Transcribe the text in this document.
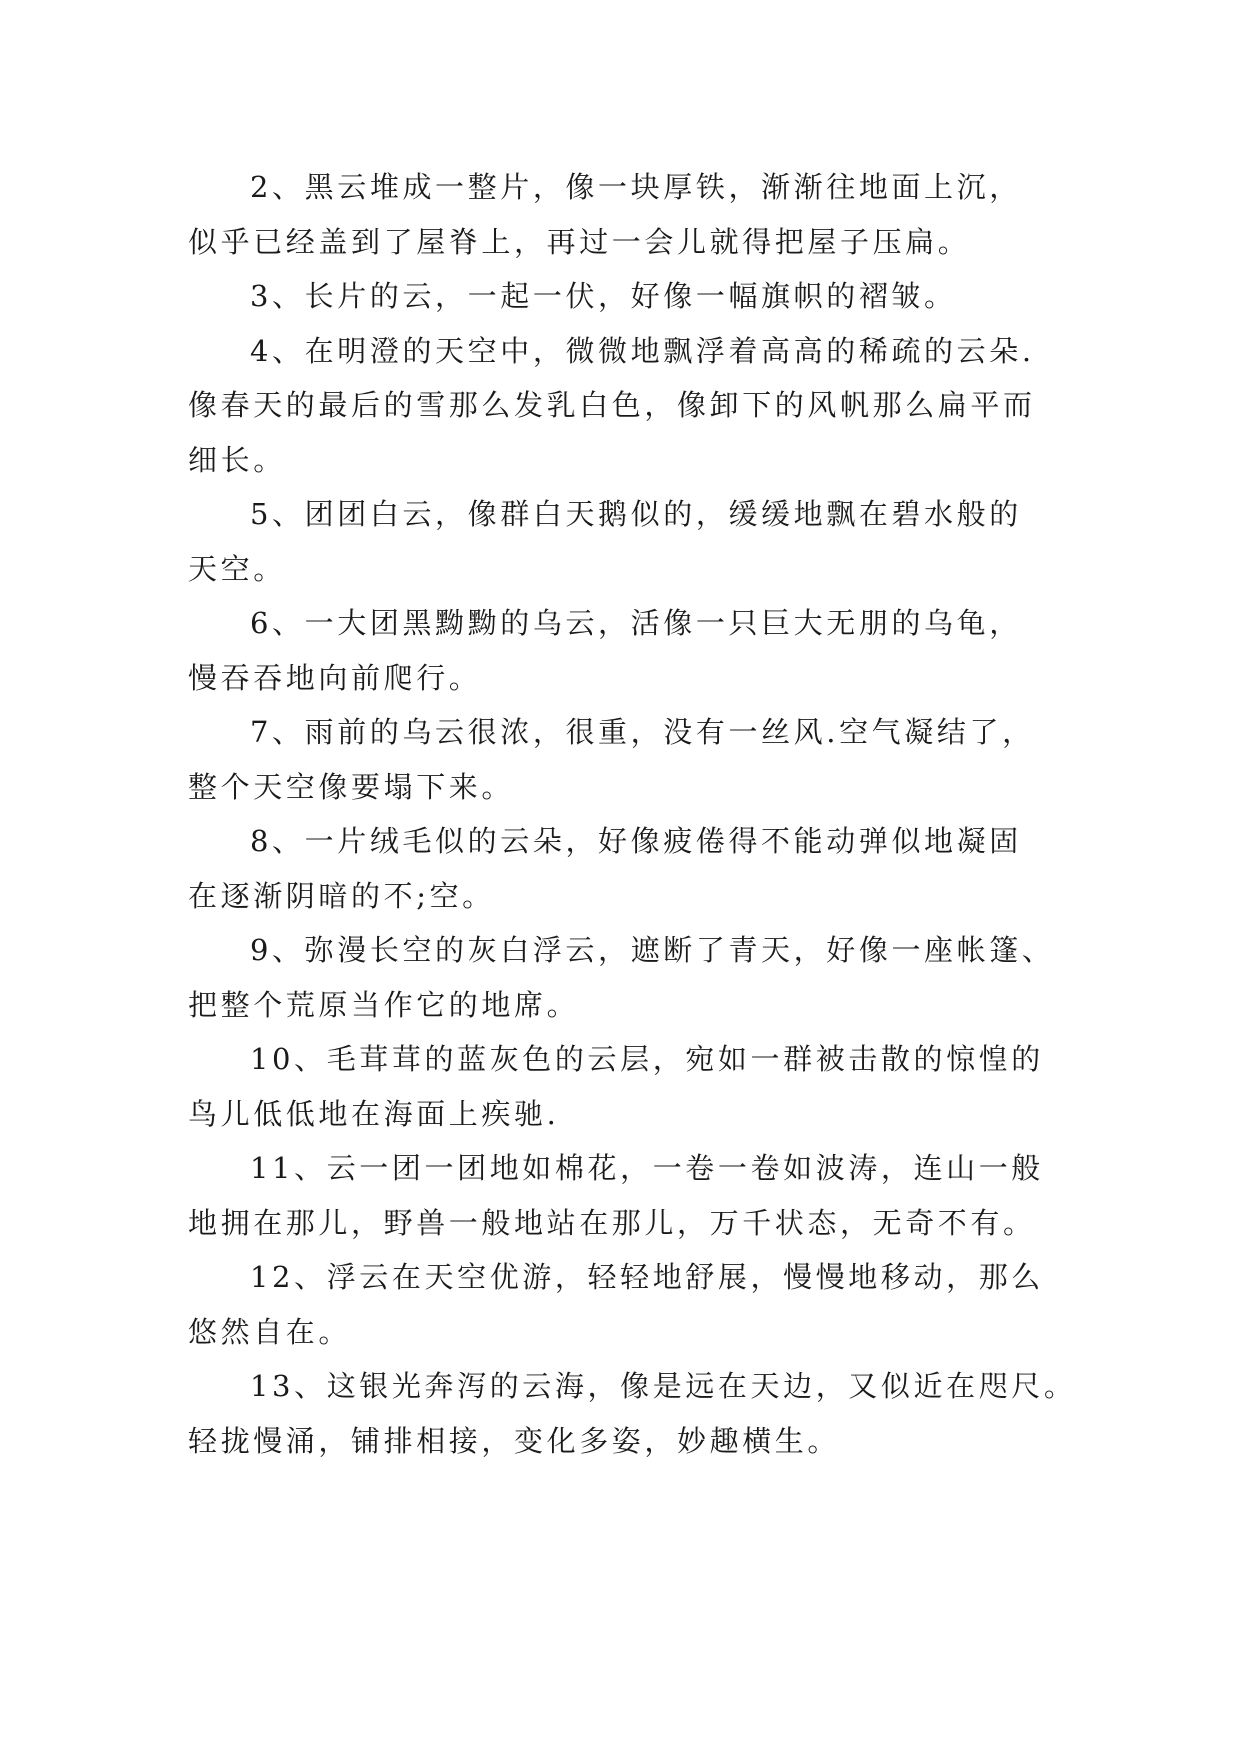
2、黑云堆成一整片，像一块厚铁，渐渐往地面上沉，
似乎已经盖到了屋脊上，再过一会儿就得把屋子压扁。
3、长片的云，一起一伏，好像一幅旗帜的褶皱。
4、在明澄的天空中，微微地飘浮着高高的稀疏的云朵.
像春天的最后的雪那么发乳白色，像卸下的风帆那么扁平而
细长。
5、团团白云，像群白天鹅似的，缓缓地飘在碧水般的
天空。
6、一大团黑黝黝的乌云，活像一只巨大无朋的乌龟，
慢吞吞地向前爬行。
7、雨前的乌云很浓，很重，没有一丝风.空气凝结了，
整个天空像要塌下来。
8、一片绒毛似的云朵，好像疲倦得不能动弹似地凝固
在逐渐阴暗的不;空。
9、弥漫长空的灰白浮云，遮断了青天，好像一座帐篷、
把整个荒原当作它的地席。
10、毛茸茸的蓝灰色的云层，宛如一群被击散的惊惶的
鸟儿低低地在海面上疾驰.
11、云一团一团地如棉花，一卷一卷如波涛，连山一般
地拥在那儿，野兽一般地站在那儿，万千状态，无奇不有。
12、浮云在天空优游，轻轻地舒展，慢慢地移动，那么
悠然自在。
13、这银光奔泻的云海，像是远在天边，又似近在咫尺。
轻拢慢涌，铺排相接，变化多姿，妙趣横生。
